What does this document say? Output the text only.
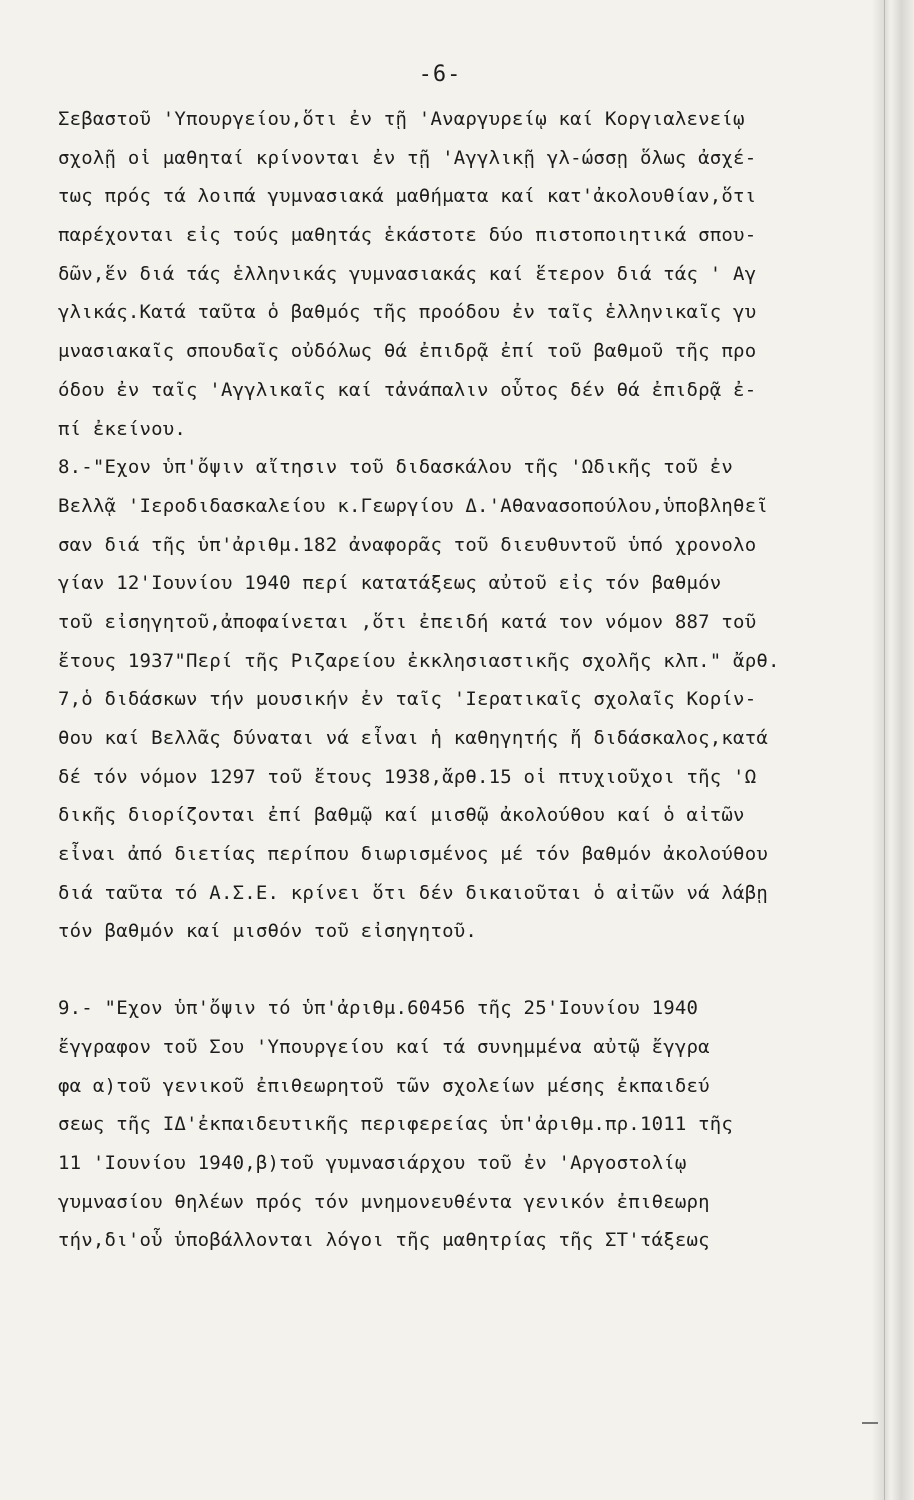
-6-
Σεβαστοῦ 'Υπουργείου,ὅτι ἐν τῇ 'Αναργυρείῳ καί Κοργιαλενείῳ
σχολῇ οἱ μαθηταί κρίνονται ἐν τῇ 'Αγγλικῇ γλ-ώσσῃ ὅλως ἀσχέ-
τως πρός τά λοιπά γυμνασιακά μαθήματα καί κατ'ἀκολουθίαν,ὅτι
παρέχονται εἰς τούς μαθητάς ἑκάστοτε δύο πιστοποιητικά σπου-
δῶν,ἕν διά τάς ἑλληνικάς γυμνασιακάς καί ἕτερον διά τάς ' Αγ
γλικάς.Κατά ταῦτα ὁ βαθμός τῆς προόδου ἐν ταῖς ἑλληνικαῖς γυ
μνασιακαῖς σπουδαῖς οὐδόλως θά ἐπιδρᾷ ἐπί τοῦ βαθμοῦ τῆς προ
όδου ἐν ταῖς 'Αγγλικαῖς καί τἀνάπαλιν οὗτος δέν θά ἐπιδρᾷ ἐ-
πί ἐκείνου.
8.-"Εχον ὑπ'ὄψιν αἴτησιν τοῦ διδασκάλου τῆς 'Ωδικῆς τοῦ ἐν
Βελλᾷ 'Ιεροδιδασκαλείου κ.Γεωργίου Δ.'Αθανασοπούλου,ὑποβληθεῖ
σαν διά τῆς ὑπ'ἀριθμ.182 ἀναφορᾶς τοῦ διευθυντοῦ ὑπό χρονολο
γίαν 12'Ιουνίου 1940 περί κατατάξεως αὐτοῦ εἰς τόν βαθμόν
τοῦ εἰσηγητοῦ,ἀποφαίνεται ,ὅτι ἐπειδή κατά τον νόμον 887 τοῦ
ἔτους 1937"Περί τῆς Ριζαρείου ἐκκλησιαστικῆς σχολῆς κλπ." ἄρθ.
7,ὁ διδάσκων τήν μουσικήν ἐν ταῖς 'Ιερατικαῖς σχολαῖς Κορίν-
θου καί Βελλᾶς δύναται νά εἶναι ἡ καθηγητής ἤ διδάσκαλος,κατά
δέ τόν νόμον 1297 τοῦ ἔτους 1938,ἄρθ.15 οἱ πτυχιοῦχοι τῆς 'Ω
δικῆς διορίζονται ἐπί βαθμῷ καί μισθῷ ἀκολούθου καί ὁ αἰτῶν
εἶναι ἀπό διετίας περίπου διωρισμένος μέ τόν βαθμόν ἀκολούθου
διά ταῦτα τό Α.Σ.Ε. κρίνει ὅτι δέν δικαιοῦται ὁ αἰτῶν νά λάβῃ
τόν βαθμόν καί μισθόν τοῦ εἰσηγητοῦ.
9.- "Εχον ὑπ'ὄψιν τό ὑπ'ἀριθμ.60456 τῆς 25'Ιουνίου 1940
ἔγγραφον τοῦ Σου 'Υπουργείου καί τά συνημμένα αὐτῷ ἔγγρα
φα α)τοῦ γενικοῦ ἐπιθεωρητοῦ τῶν σχολείων μέσης ἐκπαιδεύ
σεως τῆς ΙΔ'ἐκπαιδευτικῆς περιφερείας ὑπ'ἀριθμ.πρ.1011 τῆς
11 'Ιουνίου 1940,β)τοῦ γυμνασιάρχου τοῦ ἐν 'Αργοστολίῳ
γυμνασίου θηλέων πρός τόν μνημονευθέντα γενικόν ἐπιθεωρη
τήν,δι'οὗ ὑποβάλλονται λόγοι τῆς μαθητρίας τῆς ΣΤ'τάξεως
